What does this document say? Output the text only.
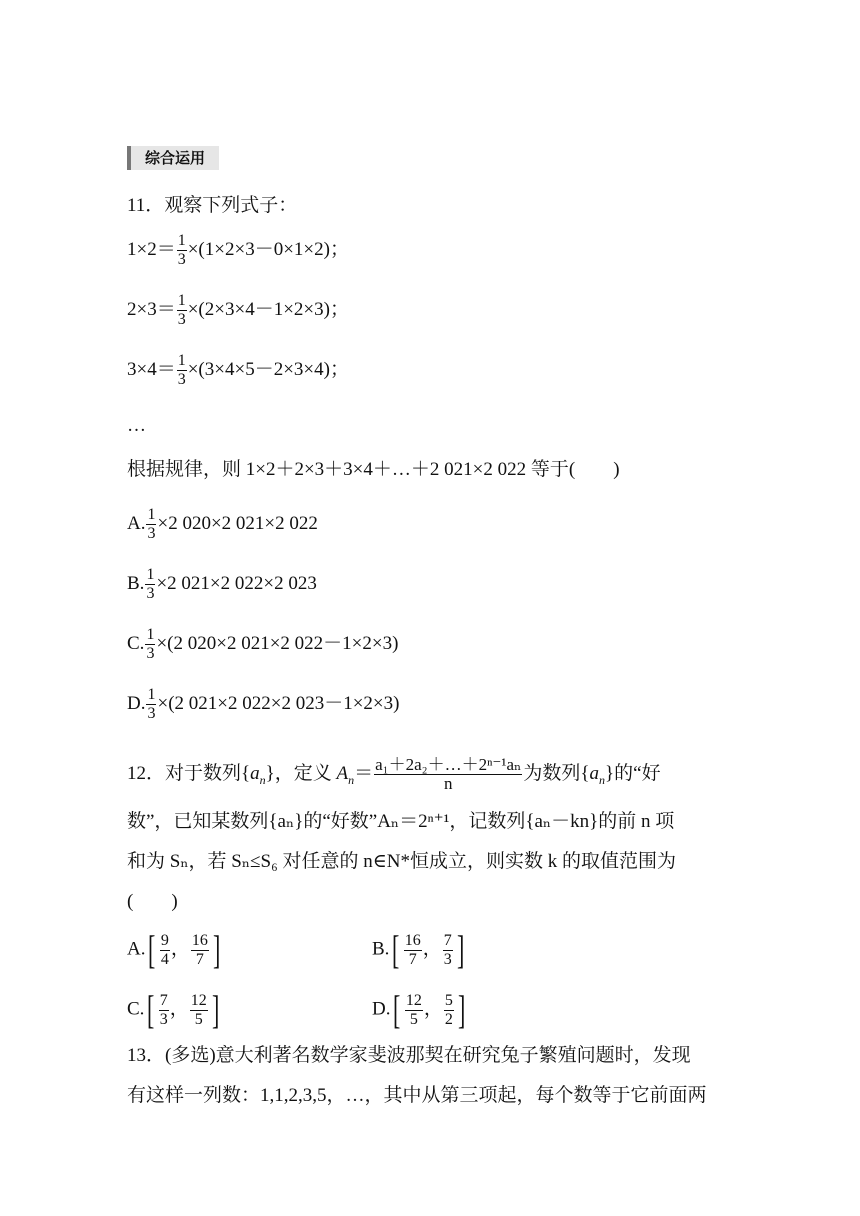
综合运用
11．观察下列式子：
$1\times 2= \frac{1}{3} \times(1\times 2\times 3-0\times 1\times 2)$；
$2\times 3= \frac{1}{3} \times(2\times 3\times 4-1\times 2\times 3)$；
$3\times 4= \frac{1}{3} \times(3\times 4\times 5-2\times 3\times 4)$；
…
根据规律，则 1×2＋2×3＋3×4＋…＋2 021×2 022 等于(　　)
A. $\frac{1}{3} \times 2$ 020×2 021×2 022
B. $\frac{1}{3} \times 2$ 021×2 022×2 023
C. $\frac{1}{3} \times(2$ 020×2 021×2 022－1×2×3)
D. $\frac{1}{3} \times(2$ 021×2 022×2 023－1×2×3)
12．对于数列$\{a_n\}$，定义 $A_n= \frac{\text{a₁＋2a₂＋…＋2ⁿ⁻¹aₙ}}{n}$ 为数列$\{a_n\}$的“好
数”，已知某数列{aₙ}的“好数”Aₙ＝2ⁿ⁺¹，记数列{aₙ－kn}的前 n 项
和为 Sₙ，若 Sₙ≤S₆ 对任意的 n∈N*恒成立，则实数 k 的取值范围为
(　　)
$A.[ \frac{9}{4}$ ， $\frac{16}{7}$ ]	$B.[ \frac{16}{7}$ ， $\frac{7}{3}$ ]
$C.[ \frac{7}{3}$ ， $\frac{12}{5}$ ]	$D.[ \frac{12}{5}$ ， $\frac{5}{2}$ ]
13．(多选)意大利著名数学家斐波那契在研究兔子繁殖问题时，发现
有这样一列数：1,1,2,3,5，…，其中从第三项起，每个数等于它前面两
